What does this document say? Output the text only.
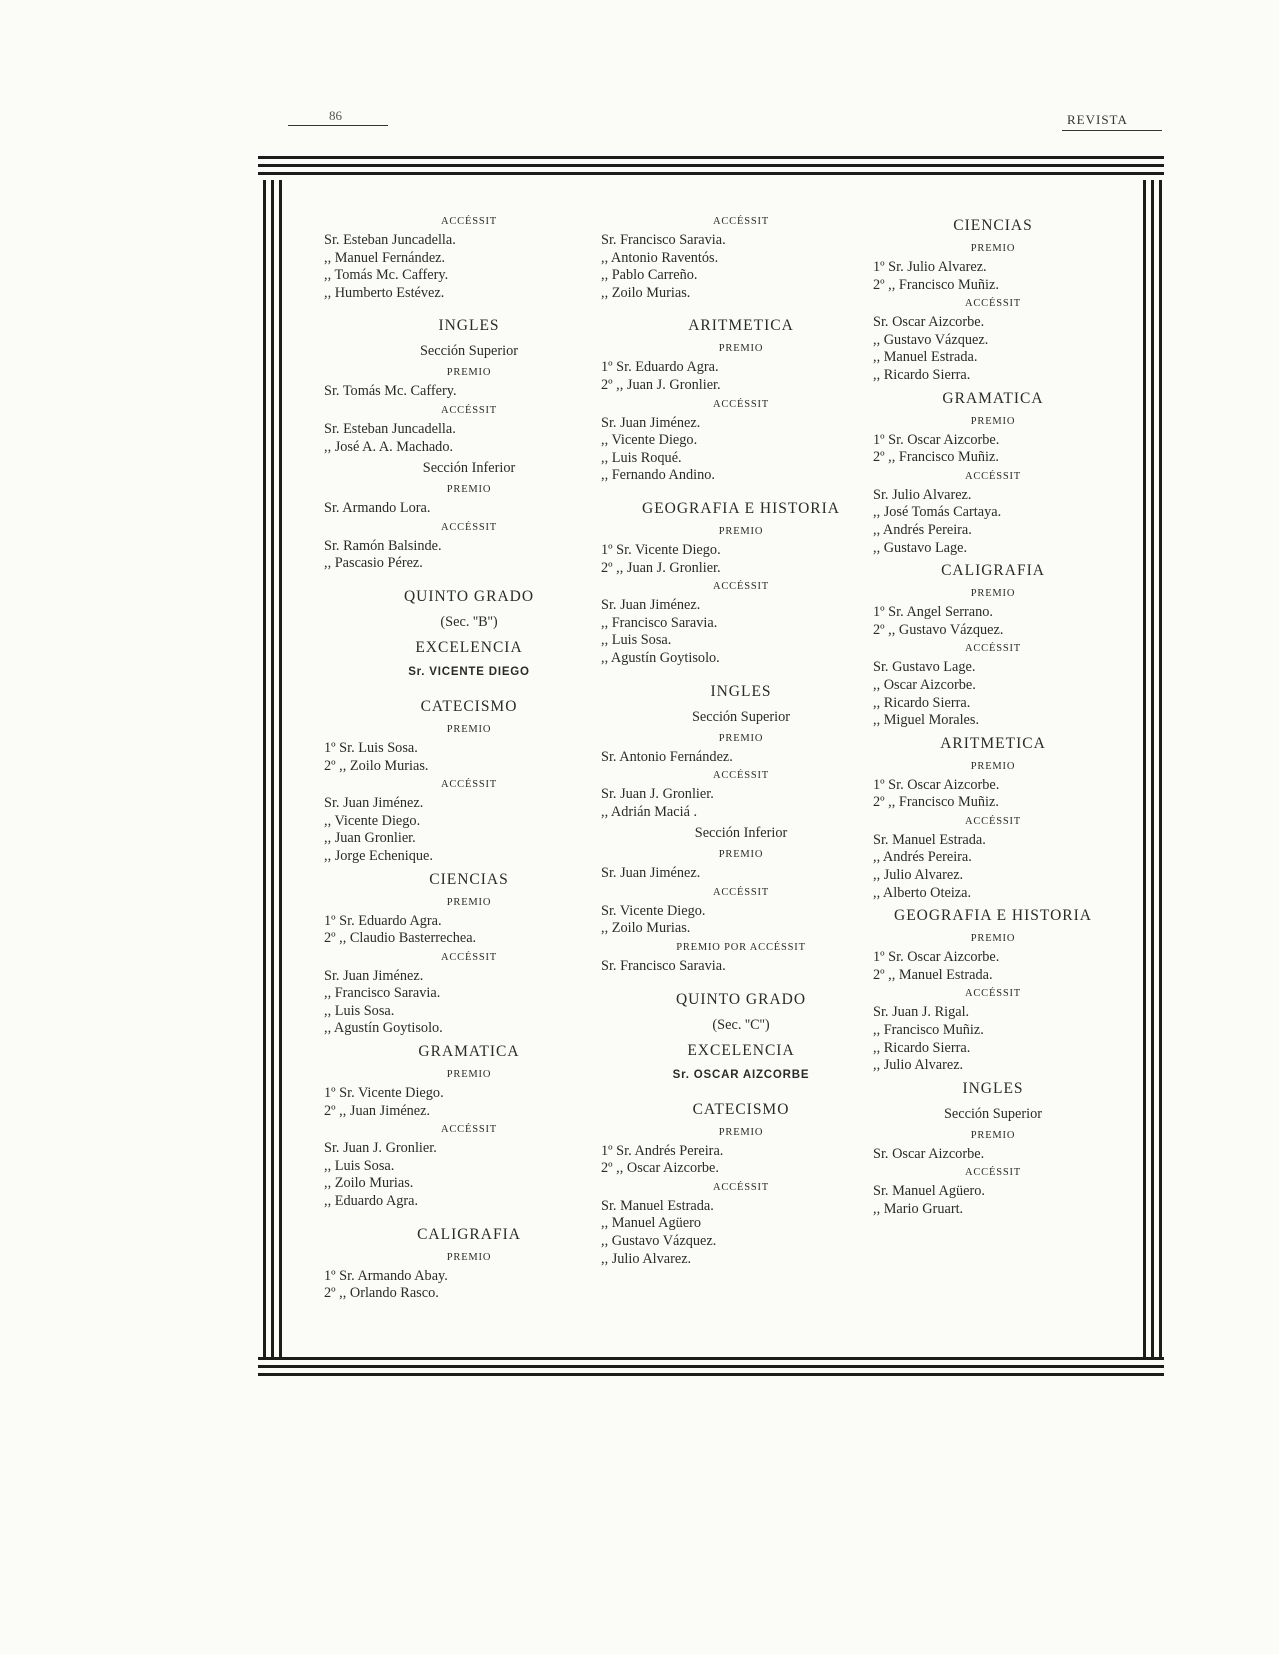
86	REVISTA
ACCÉSSIT
Sr. Esteban Juncadella.
,, Manuel Fernández.
,, Tomás Mc. Caffery.
,, Humberto Estévez.
INGLES
Sección Superior
PREMIO
Sr. Tomás Mc. Caffery.
ACCÉSSIT
Sr. Esteban Juncadella.
,, José A. A. Machado.
Sección Inferior
PREMIO
Sr. Armando Lora.
ACCÉSSIT
Sr. Ramón Balsinde.
,, Pascasio Pérez.
QUINTO GRADO
(Sec. ''B'')
EXCELENCIA
Sr. VICENTE DIEGO
CATECISMO
PREMIO
1º Sr. Luis Sosa.
2º ,, Zoilo Murias.
ACCÉSSIT
Sr. Juan Jiménez.
,, Vicente Diego.
,, Juan Gronlier.
,, Jorge Echenique.
CIENCIAS
PREMIO
1º Sr. Eduardo Agra.
2º ,, Claudio Basterrechea.
ACCÉSSIT
Sr. Juan Jiménez.
,, Francisco Saravia.
,, Luis Sosa.
,, Agustín Goytisolo.
GRAMATICA
PREMIO
1º Sr. Vicente Diego.
2º ,, Juan Jiménez.
ACCÉSSIT
Sr. Juan J. Gronlier.
,, Luis Sosa.
,, Zoilo Murias.
,, Eduardo Agra.
CALIGRAFIA
PREMIO
1º Sr. Armando Abay.
2º ,, Orlando Rasco.
ACCÉSSIT
Sr. Francisco Saravia.
,, Antonio Raventós.
,, Pablo Carreño.
,, Zoilo Murias.
ARITMETICA
PREMIO
1º Sr. Eduardo Agra.
2º ,, Juan J. Gronlier.
ACCÉSSIT
Sr. Juan Jiménez.
,, Vicente Diego.
,, Luis Roqué.
,, Fernando Andino.
GEOGRAFIA E HISTORIA
PREMIO
1º Sr. Vicente Diego.
2º ,, Juan J. Gronlier.
ACCÉSSIT
Sr. Juan Jiménez.
,, Francisco Saravia.
,, Luis Sosa.
,, Agustín Goytisolo.
INGLES
Sección Superior
PREMIO
Sr. Antonio Fernández.
ACCÉSSIT
Sr. Juan J. Gronlier.
,, Adrián Maciá .
Sección Inferior
PREMIO
Sr. Juan Jiménez.
ACCÉSSIT
Sr. Vicente Diego.
,, Zoilo Murias.
PREMIO POR ACCÉSSIT
Sr. Francisco Saravia.
QUINTO GRADO
(Sec. ''C'')
EXCELENCIA
Sr. OSCAR AIZCORBE
CATECISMO
PREMIO
1º Sr. Andrés Pereira.
2º ,, Oscar Aizcorbe.
ACCÉSSIT
Sr. Manuel Estrada.
,, Manuel Agüero
,, Gustavo Vázquez.
,, Julio Alvarez.
CIENCIAS
PREMIO
1º Sr. Julio Alvarez.
2º ,, Francisco Muñiz.
ACCÉSSIT
Sr. Oscar Aizcorbe.
,, Gustavo Vázquez.
,, Manuel Estrada.
,, Ricardo Sierra.
GRAMATICA
PREMIO
1º Sr. Oscar Aizcorbe.
2º ,, Francisco Muñiz.
ACCÉSSIT
Sr. Julio Alvarez.
,, José Tomás Cartaya.
,, Andrés Pereira.
,, Gustavo Lage.
CALIGRAFIA
PREMIO
1º Sr. Angel Serrano.
2º ,, Gustavo Vázquez.
ACCÉSSIT
Sr. Gustavo Lage.
,, Oscar Aizcorbe.
,, Ricardo Sierra.
,, Miguel Morales.
ARITMETICA
PREMIO
1º Sr. Oscar Aizcorbe.
2º ,, Francisco Muñiz.
ACCÉSSIT
Sr. Manuel Estrada.
,, Andrés Pereira.
,, Julio Alvarez.
,, Alberto Oteiza.
GEOGRAFIA E HISTORIA
PREMIO
1º Sr. Oscar Aizcorbe.
2º ,, Manuel Estrada.
ACCÉSSIT
Sr. Juan J. Rigal.
,, Francisco Muñiz.
,, Ricardo Sierra.
,, Julio Alvarez.
INGLES
Sección Superior
PREMIO
Sr. Oscar Aizcorbe.
ACCÉSSIT
Sr. Manuel Agüero.
,, Mario Gruart.
